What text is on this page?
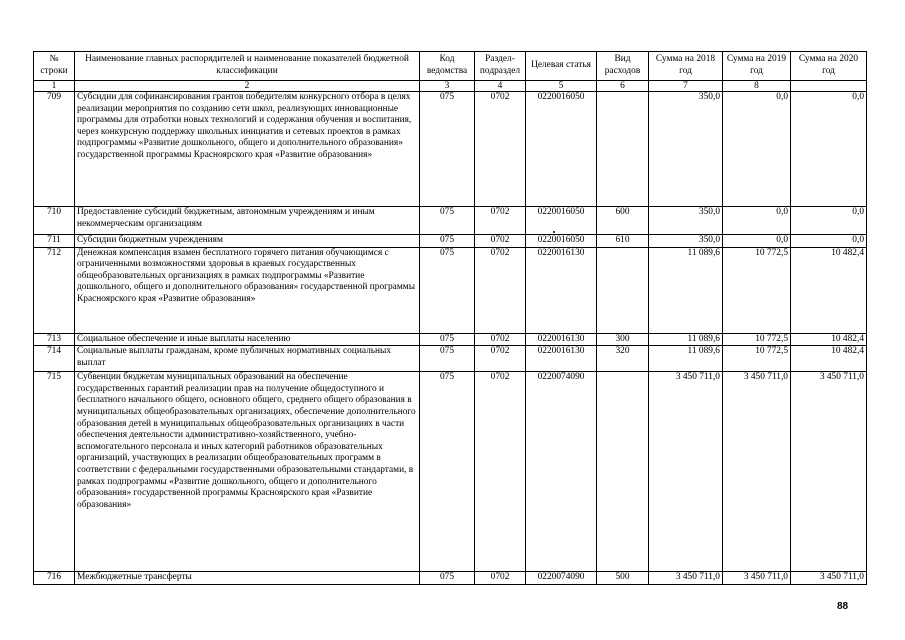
№ строки	Наименование главных распорядителей и наименование показателей бюджетной классификации	Код ведомства	Раздел-подраздел	Целевая статья	Вид расходов	Сумма на 2018 год	Сумма на 2019 год	Сумма на 2020 год
1	2	3	4	5	6	7	8	
709	Субсидии для софинансирования грантов победителям конкурсного отбора в целях реализации мероприятия по созданию сети школ, реализующих инновационные программы для отработки новых технологий и содержания обучения и воспитания, через конкурсную поддержку школьных инициатив и сетевых проектов в рамках подпрограммы «Развитие дошкольного, общего и дополнительного образования» государственной программы Красноярского края «Развитие образования»	075	0702	0220016050		350,0	0,0	0,0
710	Предоставление субсидий бюджетным, автономным учреждениям и иным некоммерческим организациям	075	0702	0220016050	600	350,0	0,0	0,0
711	Субсидии бюджетным учреждениям	075	0702	0220016050	610	350,0	0,0	0,0
712	Денежная компенсация взамен бесплатного горячего питания обучающимся с ограниченными возможностями здоровья в краевых государственных общеобразовательных организациях в рамках подпрограммы «Развитие дошкольного, общего и дополнительного образования» государственной программы Красноярского края «Развитие образования»	075	0702	0220016130		11 089,6	10 772,5	10 482,4
713	Социальное обеспечение и иные выплаты населению	075	0702	0220016130	300	11 089,6	10 772,5	10 482,4
714	Социальные выплаты гражданам, кроме публичных нормативных социальных выплат	075	0702	0220016130	320	11 089,6	10 772,5	10 482,4
715	Субвенции бюджетам муниципальных образований на обеспечение государственных гарантий реализации прав на получение общедоступного и бесплатного начального общего, основного общего, среднего общего образования в муниципальных общеобразовательных организациях, обеспечение дополнительного образования детей в муниципальных общеобразовательных организациях в части обеспечения деятельности административно-хозяйственного, учебно-вспомогательного персонала и иных категорий работников образовательных организаций, участвующих в реализации общеобразовательных программ в соответствии с федеральными государственными образовательными стандартами, в рамках подпрограммы «Развитие дошкольного, общего и дополнительного образования» государственной программы Красноярского края «Развитие образования»	075	0702	0220074090		3 450 711,0	3 450 711,0	3 450 711,0
716	Межбюджетные трансферты	075	0702	0220074090	500	3 450 711,0	3 450 711,0	3 450 711,0
88
